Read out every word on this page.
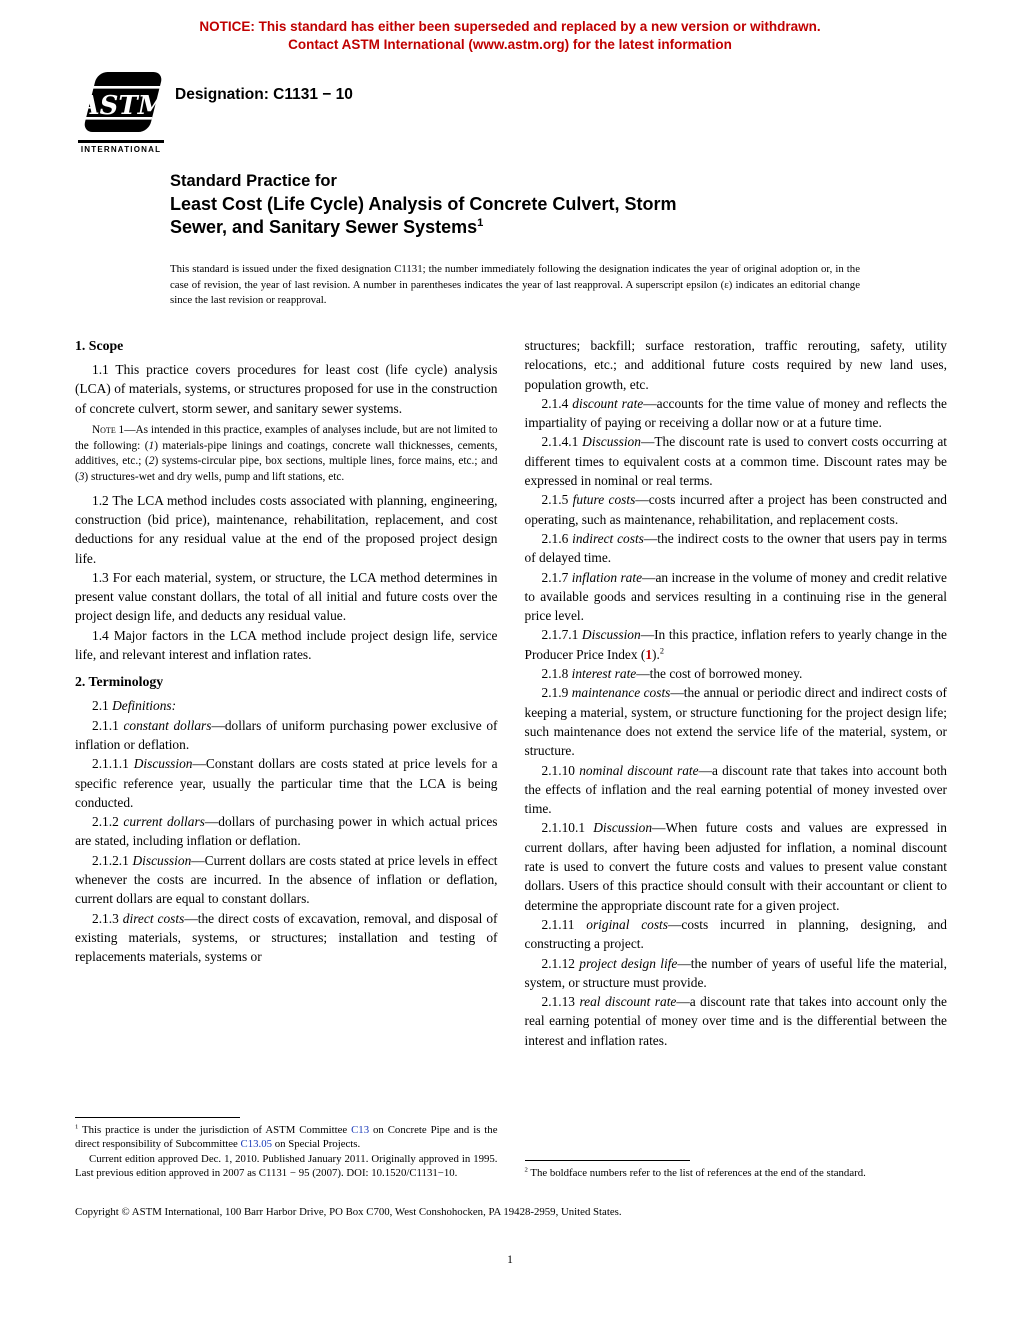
NOTICE: This standard has either been superseded and replaced by a new version or withdrawn.
Contact ASTM International (www.astm.org) for the latest information
ASTM
INTERNATIONAL
Designation: C1131 − 10
Standard Practice for
Least Cost (Life Cycle) Analysis of Concrete Culvert, Storm
Sewer, and Sanitary Sewer Systems$^1$

This standard is issued under the fixed designation C1131; the number immediately following the designation indicates the year of original adoption or, in the case of revision, the year of last revision. A number in parentheses indicates the year of last reapproval. A superscript epsilon (ε) indicates an editorial change since the last revision or reapproval.

1. Scope

1.1 This practice covers procedures for least cost (life cycle) analysis (LCA) of materials, systems, or structures proposed for use in the construction of concrete culvert, storm sewer, and sanitary sewer systems.

Note 1—As intended in this practice, examples of analyses include, but are not limited to the following: (1) materials-pipe linings and coatings, concrete wall thicknesses, cements, additives, etc.; (2) systems-circular pipe, box sections, multiple lines, force mains, etc.; and (3) structures-wet and dry wells, pump and lift stations, etc.

1.2 The LCA method includes costs associated with planning, engineering, construction (bid price), maintenance, rehabilitation, replacement, and cost deductions for any residual value at the end of the proposed project design life.

1.3 For each material, system, or structure, the LCA method determines in present value constant dollars, the total of all initial and future costs over the project design life, and deducts any residual value.

1.4 Major factors in the LCA method include project design life, service life, and relevant interest and inflation rates.

2. Terminology

2.1 Definitions:

2.1.1 constant dollars—dollars of uniform purchasing power exclusive of inflation or deflation.

2.1.1.1 Discussion—Constant dollars are costs stated at price levels for a specific reference year, usually the particular time that the LCA is being conducted.

2.1.2 current dollars—dollars of purchasing power in which actual prices are stated, including inflation or deflation.

2.1.2.1 Discussion—Current dollars are costs stated at price levels in effect whenever the costs are incurred. In the absence of inflation or deflation, current dollars are equal to constant dollars.

2.1.3 direct costs—the direct costs of excavation, removal, and disposal of existing materials, systems, or structures; installation and testing of replacements materials, systems or

$^1$ This practice is under the jurisdiction of ASTM Committee C13 on Concrete Pipe and is the direct responsibility of Subcommittee C13.05 on Special Projects.

Current edition approved Dec. 1, 2010. Published January 2011. Originally approved in 1995. Last previous edition approved in 2007 as C1131 − 95 (2007). DOI: 10.1520/C1131−10.

structures; backfill; surface restoration, traffic rerouting, safety, utility relocations, etc.; and additional future costs required by new land uses, population growth, etc.

2.1.4 discount rate—accounts for the time value of money and reflects the impartiality of paying or receiving a dollar now or at a future time.

2.1.4.1 Discussion—The discount rate is used to convert costs occurring at different times to equivalent costs at a common time. Discount rates may be expressed in nominal or real terms.

2.1.5 future costs—costs incurred after a project has been constructed and operating, such as maintenance, rehabilitation, and replacement costs.

2.1.6 indirect costs—the indirect costs to the owner that users pay in terms of delayed time.

2.1.7 inflation rate—an increase in the volume of money and credit relative to available goods and services resulting in a continuing rise in the general price level.

2.1.7.1 Discussion—In this practice, inflation refers to yearly change in the Producer Price Index (1).$^2$

2.1.8 interest rate—the cost of borrowed money.

2.1.9 maintenance costs—the annual or periodic direct and indirect costs of keeping a material, system, or structure functioning for the project design life; such maintenance does not extend the service life of the material, system, or structure.

2.1.10 nominal discount rate—a discount rate that takes into account both the effects of inflation and the real earning potential of money invested over time.

2.1.10.1 Discussion—When future costs and values are expressed in current dollars, after having been adjusted for inflation, a nominal discount rate is used to convert the future costs and values to present value constant dollars. Users of this practice should consult with their accountant or client to determine the appropriate discount rate for a given project.

2.1.11 original costs—costs incurred in planning, designing, and constructing a project.

2.1.12 project design life—the number of years of useful life the material, system, or structure must provide.

2.1.13 real discount rate—a discount rate that takes into account only the real earning potential of money over time and is the differential between the interest and inflation rates.

$^2$ The boldface numbers refer to the list of references at the end of the standard.

Copyright © ASTM International, 100 Barr Harbor Drive, PO Box C700, West Conshohocken, PA 19428-2959, United States.

1
